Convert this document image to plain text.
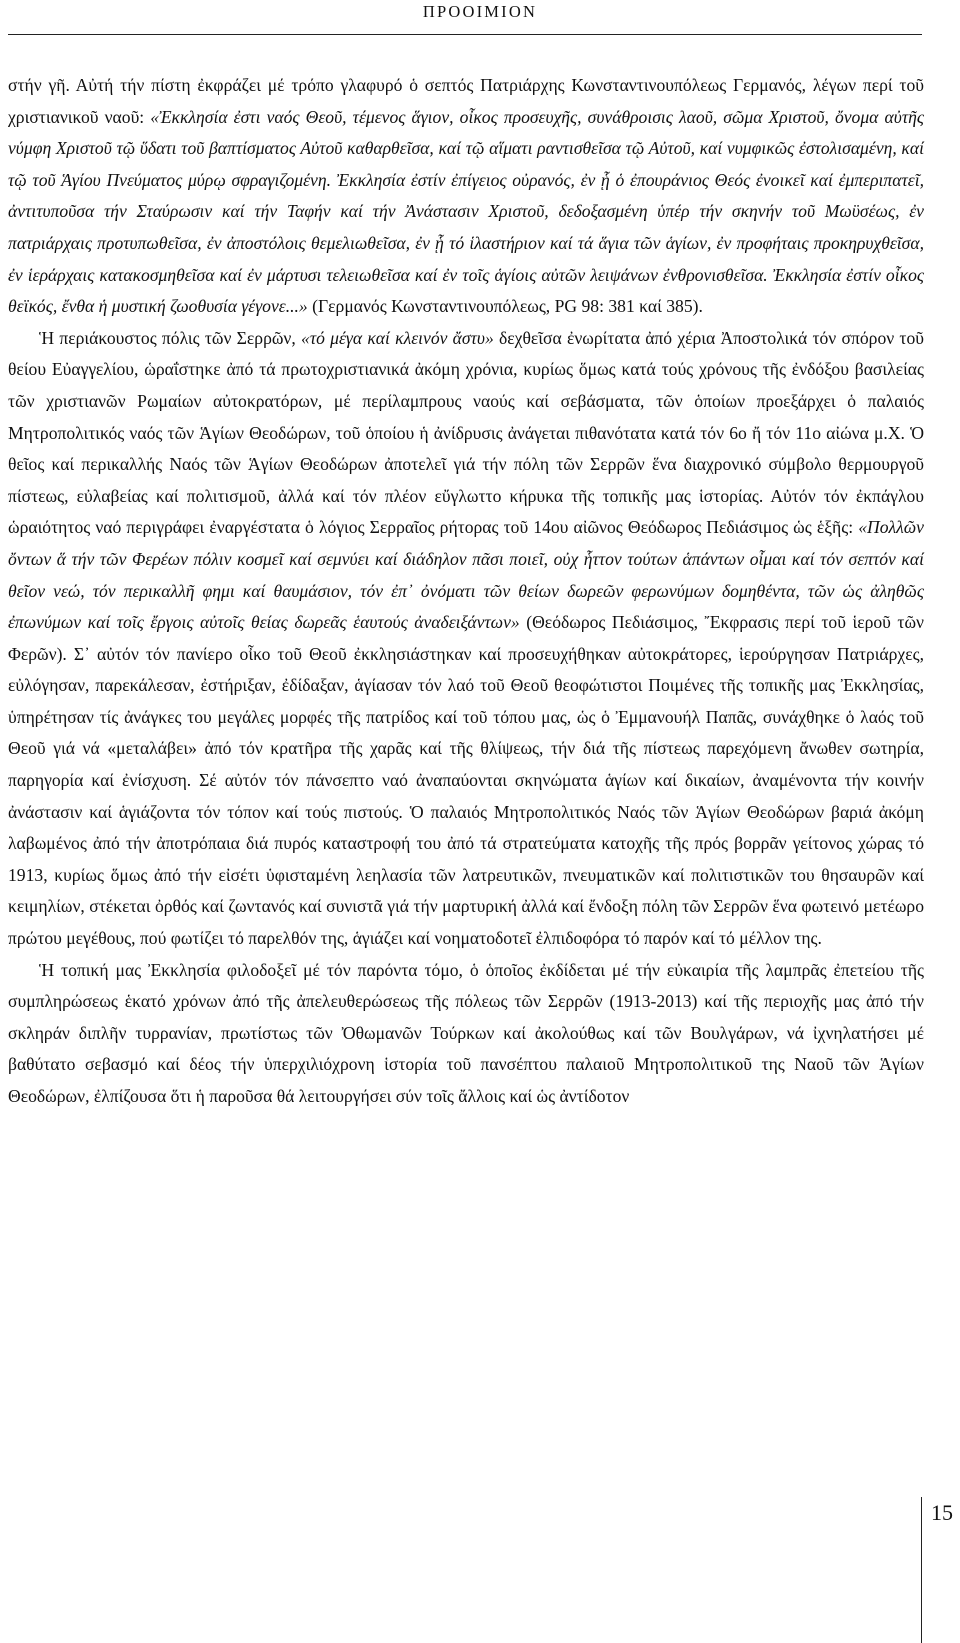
ΠΡΟΟΙΜΙΟΝ

στήν γῆ. Αὐτή τήν πίστη ἐκφράζει μέ τρόπο γλαφυρό ὁ σεπτός Πατριάρχης Κωνσταντινουπόλεως Γερμανός, λέγων περί τοῦ χριστιανικοῦ ναοῦ: «Ἐκκλησία ἐστι ναός Θεοῦ, τέμενος ἅγιον, οἶκος προσευχῆς, συνάθροισις λαοῦ, σῶμα Χριστοῦ, ὄνομα αὐτῆς νύμφη Χριστοῦ τῷ ὕδατι τοῦ βαπτίσματος Αὐτοῦ καθαρθεῖσα, καί τῷ αἵματι ραντισθεῖσα τῷ Αὐτοῦ, καί νυμφικῶς ἐστολισαμένη, καί τῷ τοῦ Ἁγίου Πνεύματος μύρῳ σφραγιζομένη. Ἐκκλησία ἐστίν ἐπίγειος οὐρανός, ἐν ᾗ ὁ ἐπουράνιος Θεός ἐνοικεῖ καί ἐμπεριπατεῖ, ἀντιτυποῦσα τήν Σταύρωσιν καί τήν Ταφήν καί τήν Ἀνάστασιν Χριστοῦ, δεδοξασμένη ὑπέρ τήν σκηνήν τοῦ Μωϋσέως, ἐν πατριάρχαις προτυπωθεῖσα, ἐν ἀποστόλοις θεμελιωθεῖσα, ἐν ᾗ τό ἱλαστήριον καί τά ἅγια τῶν ἁγίων, ἐν προφήταις προκηρυχθεῖσα, ἐν ἱεράρχαις κατακοσμηθεῖσα καί ἐν μάρτυσι τελειωθεῖσα καί ἐν τοῖς ἁγίοις αὐτῶν λειψάνων ἐνθρονισθεῖσα. Ἐκκλησία ἐστίν οἶκος θεϊκός, ἔνθα ἡ μυστική ζωοθυσία γέγονε...» (Γερμανός Κωνσταντινουπόλεως, PG 98: 381 καί 385).

Ἡ περιάκουστος πόλις τῶν Σερρῶν, «τό μέγα καί κλεινόν ἄστυ» δεχθεῖσα ἐνωρίτατα ἀπό χέρια Ἀποστολικά τόν σπόρον τοῦ θείου Εὐαγγελίου, ὡραΐστηκε ἀπό τά πρωτοχριστιανικά ἀκόμη χρόνια, κυρίως ὅμως κατά τούς χρόνους τῆς ἐνδόξου βασιλείας τῶν χριστιανῶν Ρωμαίων αὐτοκρατόρων, μέ περίλαμπρους ναούς καί σεβάσματα, τῶν ὁποίων προεξάρχει ὁ παλαιός Μητροπολιτικός ναός τῶν Ἁγίων Θεοδώρων, τοῦ ὁποίου ἡ ἀνίδρυσις ἀνάγεται πιθανότατα κατά τόν 6ο ἤ τόν 11ο αἰώνα μ.Χ. Ὁ θεῖος καί περικαλλής Ναός τῶν Ἁγίων Θεοδώρων ἀποτελεῖ γιά τήν πόλη τῶν Σερρῶν ἕνα διαχρονικό σύμβολο θερμουργοῦ πίστεως, εὐλαβείας καί πολιτισμοῦ, ἀλλά καί τόν πλέον εὔγλωττο κήρυκα τῆς τοπικῆς μας ἱστορίας. Αὐτόν τόν ἐκπάγλου ὡραιότητος ναό περιγράφει ἐναργέστατα ὁ λόγιος Σερραῖος ρήτορας τοῦ 14ου αἰῶνος Θεόδωρος Πεδιάσιμος ὡς ἑξῆς: «Πολλῶν ὄντων ἅ τήν τῶν Φερέων πόλιν κοσμεῖ καί σεμνύει καί διάδηλον πᾶσι ποιεῖ, οὐχ ἧττον τούτων ἁπάντων οἶμαι καί τόν σεπτόν καί θεῖον νεώ, τόν περικαλλῆ φημι καί θαυμάσιον, τόν ἐπ᾽ ὀνόματι τῶν θείων δωρεῶν φερωνύμων δομηθέντα, τῶν ὡς ἀληθῶς ἐπωνύμων καί τοῖς ἔργοις αὐτοῖς θείας δωρεᾶς ἑαυτούς ἀναδειξάντων» (Θεόδωρος Πεδιάσιμος, Ἔκφρασις περί τοῦ ἱεροῦ τῶν Φερῶν). Σ᾽ αὐτόν τόν πανίερο οἶκο τοῦ Θεοῦ ἐκκλησιάστηκαν καί προσευχήθηκαν αὐτοκράτορες, ἱερούργησαν Πατριάρχες, εὐλόγησαν, παρεκάλεσαν, ἐστήριξαν, ἐδίδαξαν, ἁγίασαν τόν λαό τοῦ Θεοῦ θεοφώτιστοι Ποιμένες τῆς τοπικῆς μας Ἐκκλησίας, ὑπηρέτησαν τίς ἀνάγκες του μεγάλες μορφές τῆς πατρίδος καί τοῦ τόπου μας, ὡς ὁ Ἐμμανουήλ Παπᾶς, συνάχθηκε ὁ λαός τοῦ Θεοῦ γιά νά «μεταλάβει» ἀπό τόν κρατῆρα τῆς χαρᾶς καί τῆς θλίψεως, τήν διά τῆς πίστεως παρεχόμενη ἄνωθεν σωτηρία, παρηγορία καί ἐνίσχυση. Σέ αὐτόν τόν πάνσεπτο ναό ἀναπαύονται σκηνώματα ἁγίων καί δικαίων, ἀναμένοντα τήν κοινήν ἀνάστασιν καί ἁγιάζοντα τόν τόπον καί τούς πιστούς. Ὁ παλαιός Μητροπολιτικός Ναός τῶν Ἁγίων Θεοδώρων βαριά ἀκόμη λαβωμένος ἀπό τήν ἀποτρόπαια διά πυρός καταστροφή του ἀπό τά στρατεύματα κατοχῆς τῆς πρός βορρᾶν γείτονος χώρας τό 1913, κυρίως ὅμως ἀπό τήν εἰσέτι ὑφισταμένη λεηλασία τῶν λατρευτικῶν, πνευματικῶν καί πολιτιστικῶν του θησαυρῶν καί κειμηλίων, στέκεται ὀρθός καί ζωντανός καί συνιστᾶ γιά τήν μαρτυρική ἀλλά καί ἔνδοξη πόλη τῶν Σερρῶν ἕνα φωτεινό μετέωρο πρώτου μεγέθους, πού φωτίζει τό παρελθόν της, ἁγιάζει καί νοηματοδοτεῖ ἐλπιδοφόρα τό παρόν καί τό μέλλον της.

Ἡ τοπική μας Ἐκκλησία φιλοδοξεῖ μέ τόν παρόντα τόμο, ὁ ὁποῖος ἐκδίδεται μέ τήν εὐκαιρία τῆς λαμπρᾶς ἐπετείου τῆς συμπληρώσεως ἑκατό χρόνων ἀπό τῆς ἀπελευθερώσεως τῆς πόλεως τῶν Σερρῶν (1913-2013) καί τῆς περιοχῆς μας ἀπό τήν σκληράν διπλῆν τυρρανίαν, πρωτίστως τῶν Ὀθωμανῶν Τούρκων καί ἀκολούθως καί τῶν Βουλγάρων, νά ἰχνηλατήσει μέ βαθύτατο σεβασμό καί δέος τήν ὑπερχιλιόχρονη ἱστορία τοῦ πανσέπτου παλαιοῦ Μητροπολιτικοῦ της Ναοῦ τῶν Ἁγίων Θεοδώρων, ἐλπίζουσα ὅτι ἡ παροῦσα θά λειτουργήσει σύν τοῖς ἄλλοις καί ὡς ἀντίδοτον

15
